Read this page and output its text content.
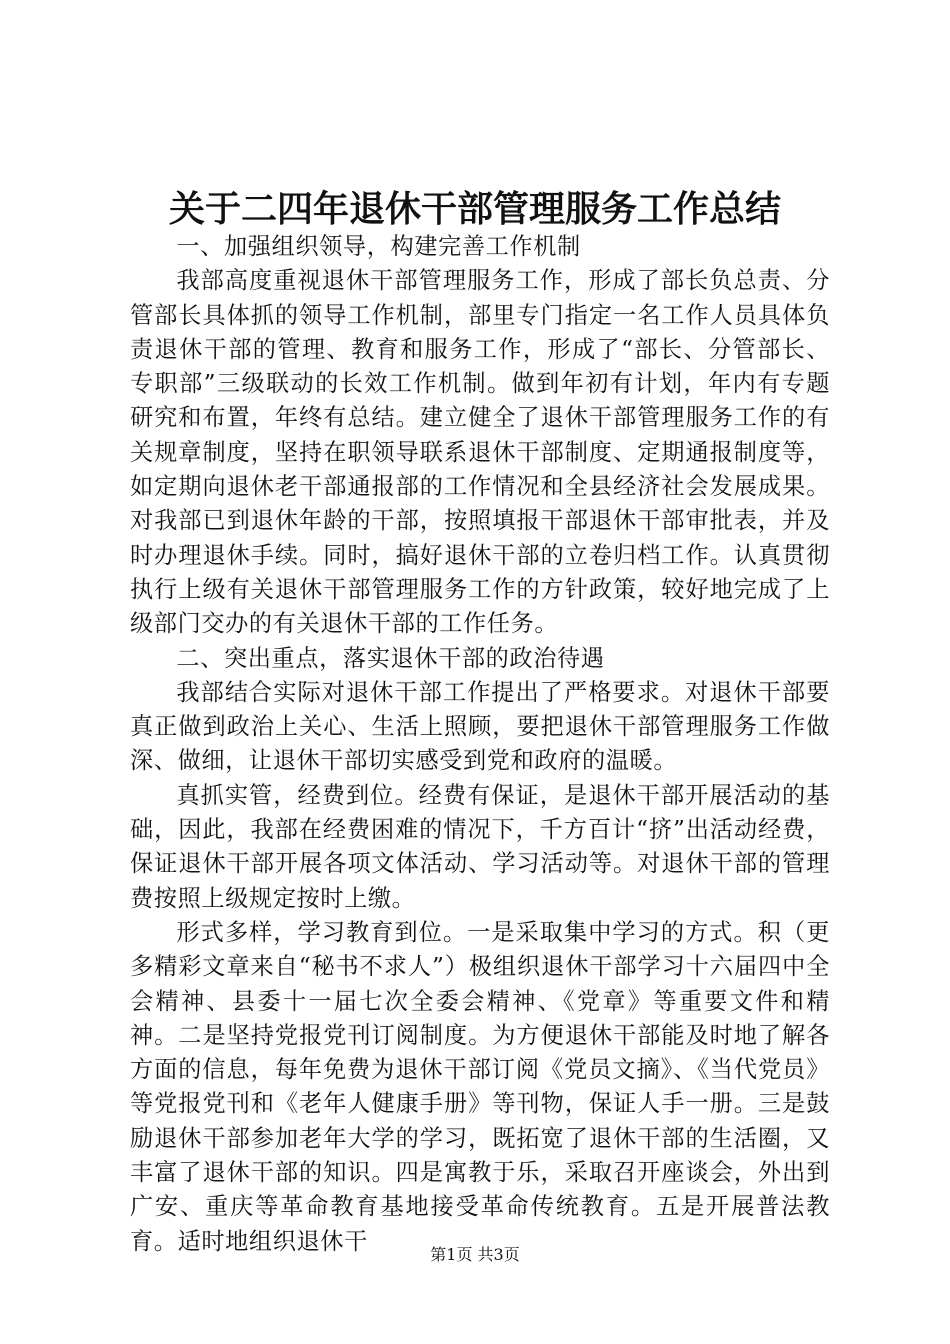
关于二四年退休干部管理服务工作总结

一、加强组织领导，构建完善工作机制

我部高度重视退休干部管理服务工作，形成了部长负总责、分管部长具体抓的领导工作机制，部里专门指定一名工作人员具体负责退休干部的管理、教育和服务工作，形成了“部长、分管部长、专职部”三级联动的长效工作机制。做到年初有计划，年内有专题研究和布置，年终有总结。建立健全了退休干部管理服务工作的有关规章制度，坚持在职领导联系退休干部制度、定期通报制度等，如定期向退休老干部通报部的工作情况和全县经济社会发展成果。对我部已到退休年龄的干部，按照填报干部退休干部审批表，并及时办理退休手续。同时，搞好退休干部的立卷归档工作。认真贯彻执行上级有关退休干部管理服务工作的方针政策，较好地完成了上级部门交办的有关退休干部的工作任务。

二、突出重点，落实退休干部的政治待遇

我部结合实际对退休干部工作提出了严格要求。对退休干部要真正做到政治上关心、生活上照顾，要把退休干部管理服务工作做深、做细，让退休干部切实感受到党和政府的温暖。

真抓实管，经费到位。经费有保证，是退休干部开展活动的基础，因此，我部在经费困难的情况下，千方百计“挤”出活动经费，保证退休干部开展各项文体活动、学习活动等。对退休干部的管理费按照上级规定按时上缴。

形式多样，学习教育到位。一是采取集中学习的方式。积（更多精彩文章来自“秘书不求人”）极组织退休干部学习十六届四中全会精神、县委十一届七次全委会精神、《党章》等重要文件和精神。二是坚持党报党刊订阅制度。为方便退休干部能及时地了解各方面的信息，每年免费为退休干部订阅《党员文摘》、《当代党员》等党报党刊和《老年人健康手册》等刊物，保证人手一册。三是鼓励退休干部参加老年大学的学习，既拓宽了退休干部的生活圈，又丰富了退休干部的知识。四是寓教于乐，采取召开座谈会，外出到广安、重庆等革命教育基地接受革命传统教育。五是开展普法教育。适时地组织退休干	第1页 共3页
